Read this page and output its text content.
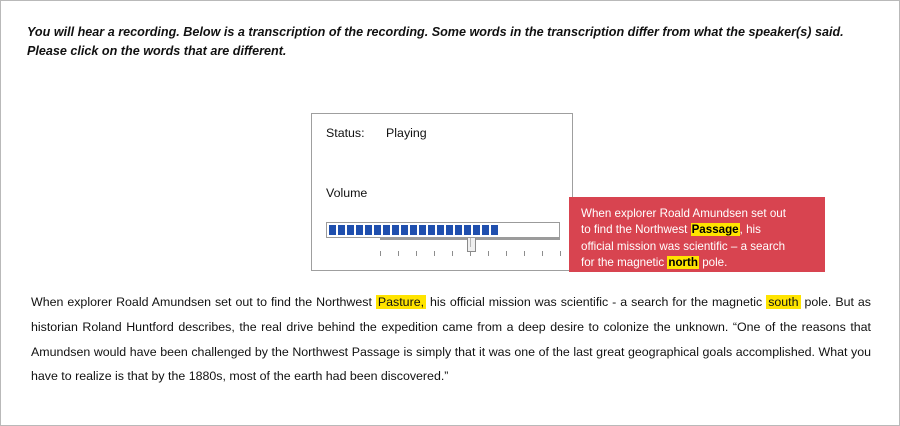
You will hear a recording. Below is a transcription of the recording. Some words in the transcription differ from what the speaker(s) said. Please click on the words that are different.
Status: Playing
Volume
When explorer Roald Amundsen set out
to find the Northwest Passage, his
official mission was scientific – a search
for the magnetic north pole.
When explorer Roald Amundsen set out to find the Northwest Pasture, his official mission was scientific - a search for the magnetic south pole. But as historian Roland Huntford describes, the real drive behind the expedition came from a deep desire to colonize the unknown. “One of the reasons that Amundsen would have been challenged by the Northwest Passage is simply that it was one of the last great geographical goals accomplished. What you have to realize is that by the 1880s, most of the earth had been discovered.”
